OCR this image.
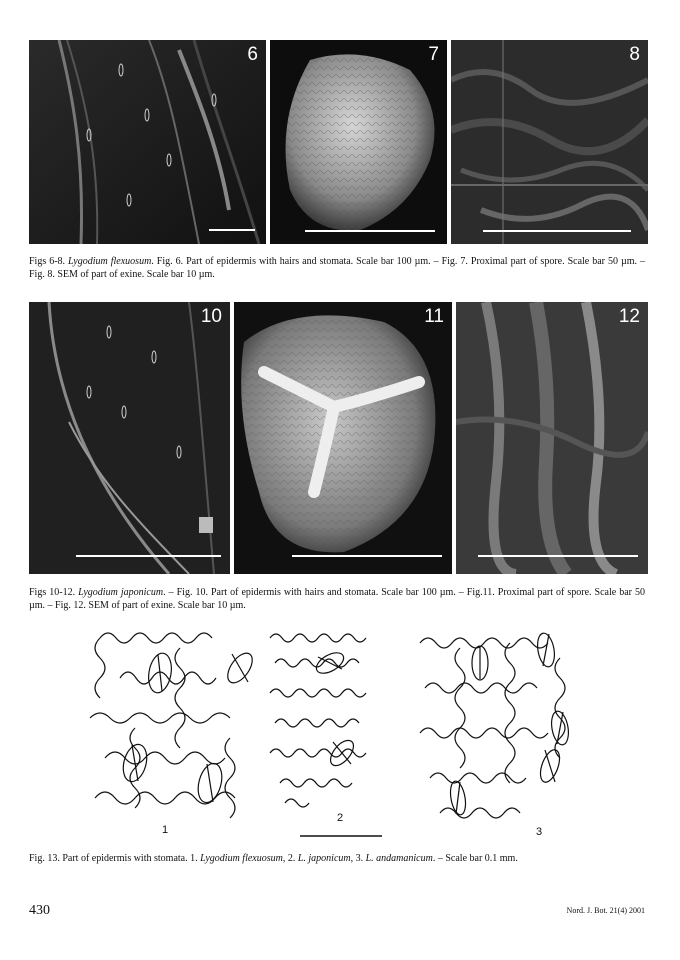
6	7	8
Figs 6-8. Lygodium flexuosum. Fig. 6. Part of epidermis with hairs and stomata. Scale bar 100 µm. – Fig. 7. Proximal part of spore. Scale bar 50 µm. – Fig. 8. SEM of part of exine. Scale bar 10 µm.
10	11	12
Figs 10-12. Lygodium japonicum. – Fig. 10. Part of epidermis with hairs and stomata. Scale bar 100 µm. – Fig.11. Proximal part of spore. Scale bar 50 µm. – Fig. 12. SEM of part of exine. Scale bar 10 µm.
1
2
3
Fig. 13. Part of epidermis with stomata. 1. Lygodium flexuosum, 2. L. japonicum, 3. L. andamanicum. – Scale bar 0.1 mm.
430	Nord. J. Bot. 21(4) 2001
